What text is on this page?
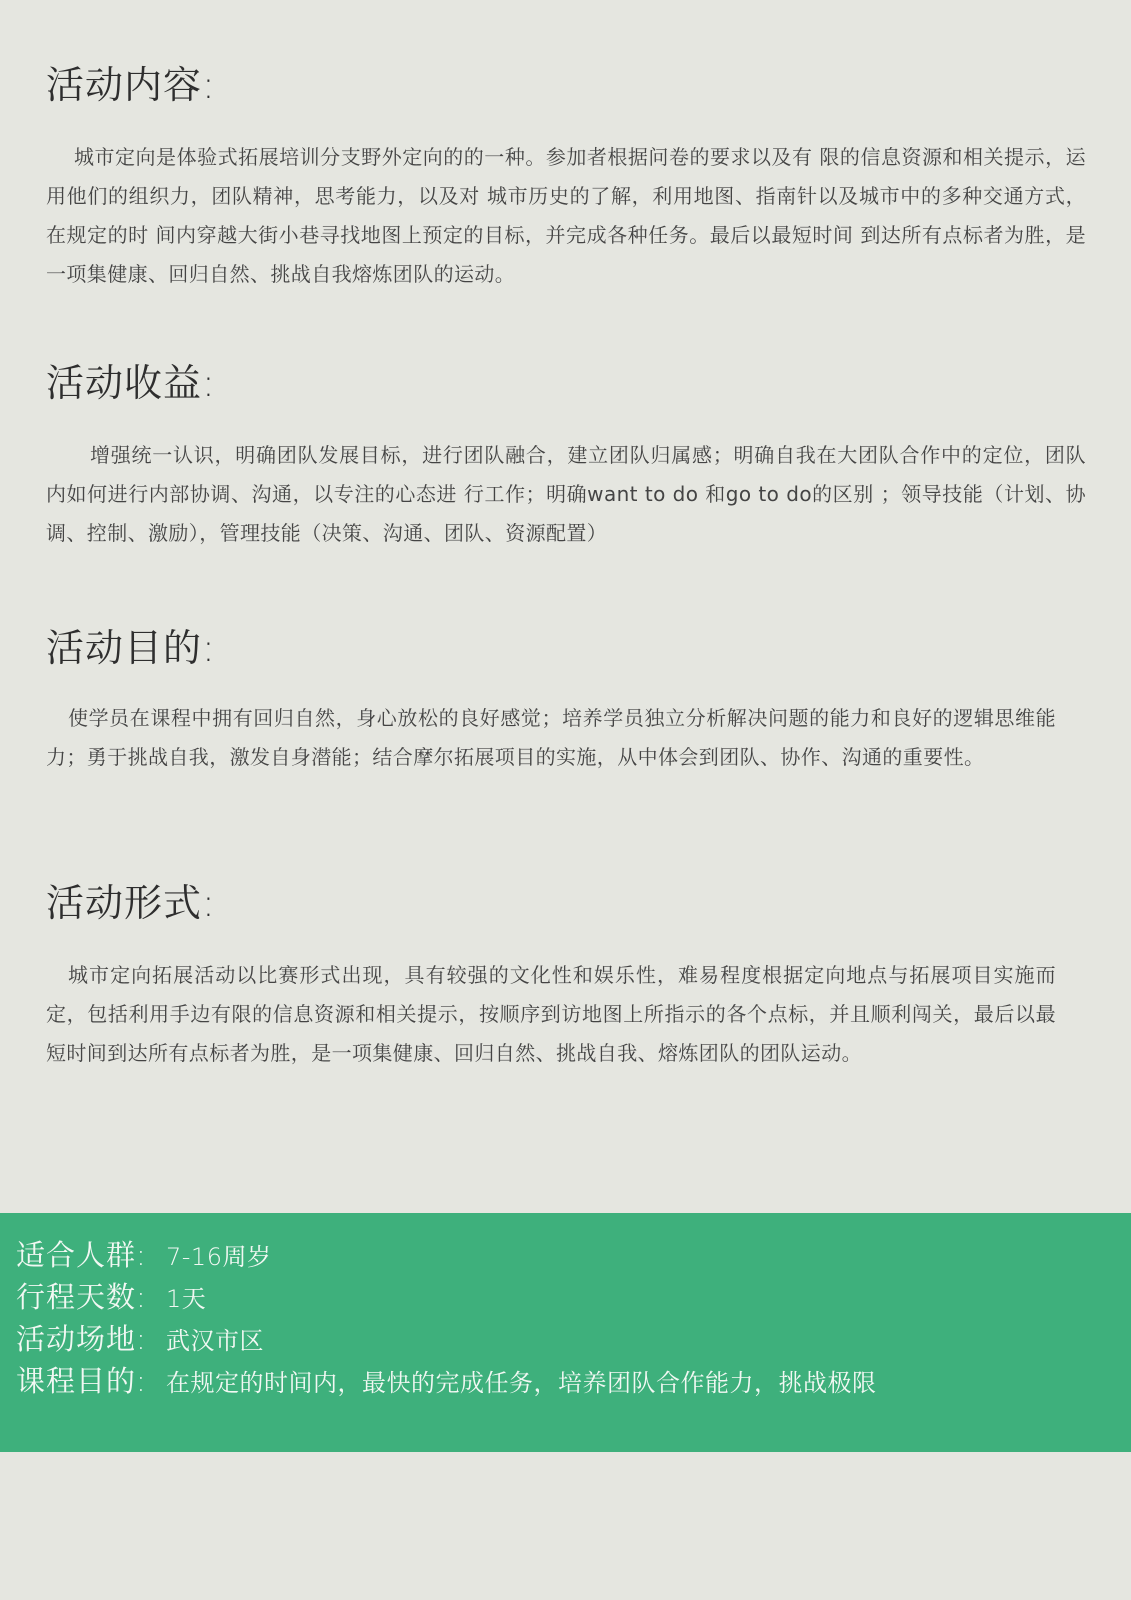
活动内容:

城市定向是体验式拓展培训分支野外定向的的一种。参加者根据问卷的要求以及有 限的信息资源和相关提示，运用他们的组织力，团队精神，思考能力，以及对 城市历史的了解，利用地图、指南针以及城市中的多种交通方式，在规定的时 间内穿越大街小巷寻找地图上预定的目标，并完成各种任务。最后以最短时间 到达所有点标者为胜，是一项集健康、回归自然、挑战自我熔炼团队的运动。

活动收益:

增强统一认识，明确团队发展目标，进行团队融合，建立团队归属感；明确自我在大团队合作中的定位，团队内如何进行内部协调、沟通，以专注的心态进 行工作；明确want to do 和go to do的区别 ；领导技能（计划、协调、控制、激励），管理技能（决策、沟通、团队、资源配置）

活动目的:

使学员在课程中拥有回归自然，身心放松的良好感觉；培养学员独立分析解决问题的能力和良好的逻辑思维能力；勇于挑战自我，激发自身潜能；结合摩尔拓展项目的实施，从中体会到团队、协作、沟通的重要性。

活动形式:

城市定向拓展活动以比赛形式出现，具有较强的文化性和娱乐性，难易程度根据定向地点与拓展项目实施而定，包括利用手边有限的信息资源和相关提示，按顺序到访地图上所指示的各个点标，并且顺利闯关，最后以最短时间到达所有点标者为胜，是一项集健康、回归自然、挑战自我、熔炼团队的团队运动。

适合人群: 7-16周岁
行程天数: 1天
活动场地: 武汉市区
课程目的: 在规定的时间内，最快的完成任务，培养团队合作能力，挑战极限
